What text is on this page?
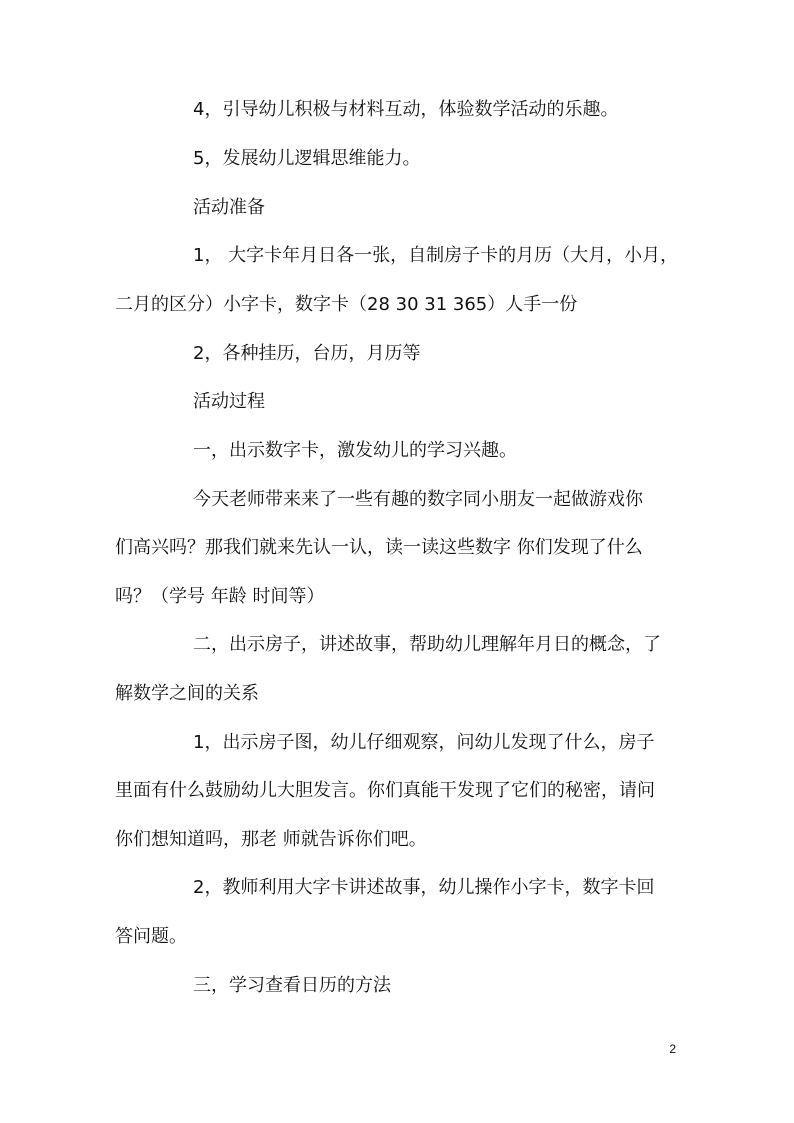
4，引导幼儿积极与材料互动，体验数学活动的乐趣。
5，发展幼儿逻辑思维能力。
活动准备
1， 大字卡年月日各一张，自制房子卡的月历（大月，小月，
二月的区分）小字卡，数字卡（28 30 31 365）人手一份
2，各种挂历，台历，月历等
活动过程
一，出示数字卡，激发幼儿的学习兴趣。
今天老师带来来了一些有趣的数字同小朋友一起做游戏你
们高兴吗？那我们就来先认一认，读一读这些数字 你们发现了什么
吗？（学号 年龄 时间等）
二，出示房子，讲述故事，帮助幼儿理解年月日的概念，了
解数学之间的关系
1，出示房子图，幼儿仔细观察，问幼儿发现了什么，房子
里面有什么鼓励幼儿大胆发言。你们真能干发现了它们的秘密，请问
你们想知道吗，那老 师就告诉你们吧。
2，教师利用大字卡讲述故事，幼儿操作小字卡，数字卡回
答问题。
三，学习查看日历的方法
2
